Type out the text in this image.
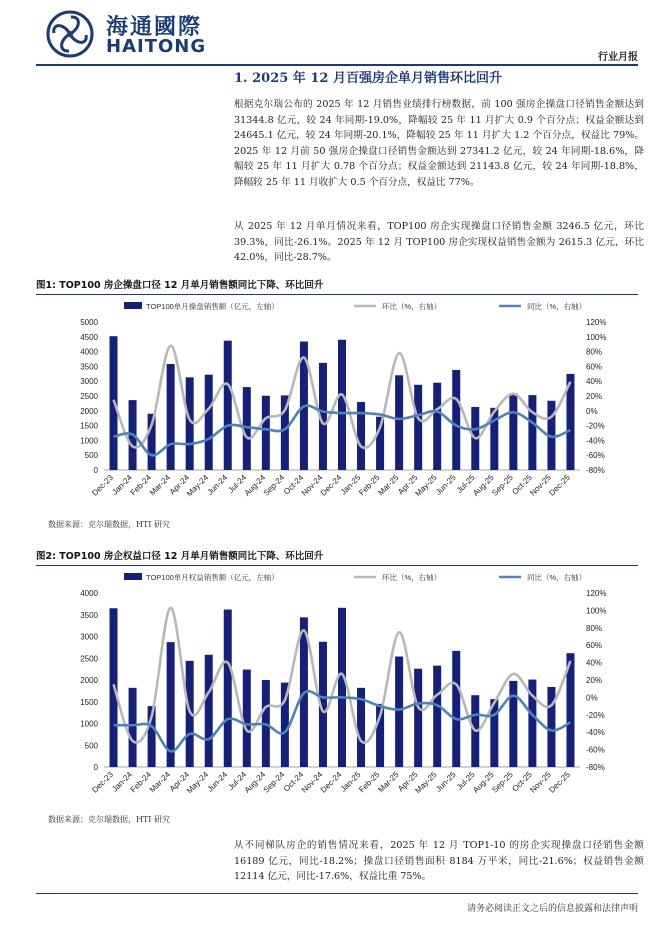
海通國際
HAITONG
行业月报
1. 2025 年 12 月百强房企单月销售环比回升

根据克尔瑞公布的 2025 年 12 月销售业绩排行榜数据，前 100 强房企操盘口径销售金额达到 31344.8 亿元，较 24 年同期-19.0%，降幅较 25 年 11 月扩大 0.9 个百分点；权益金额达到 24645.1 亿元，较 24 年同期-20.1%，降幅较 25 年 11 月扩大 1.2 个百分点，权益比 79%。2025 年 12 月前 50 强房企操盘口径销售金额达到 27341.2 亿元，较 24 年同期-18.6%，降幅较 25 年 11 月扩大 0.78 个百分点；权益金额达到 21143.8 亿元，较 24 年同期-18.8%，降幅较 25 年 11 月收扩大 0.5 个百分点，权益比 77%。

从 2025 年 12 月单月情况来看，TOP100 房企实现操盘口径销售金额 3246.5 亿元，环比 39.3%，同比-26.1%。2025 年 12 月 TOP100 房企实现权益销售金额为 2615.3 亿元，环比 42.0%，同比-28.7%。

图1: TOP100 房企操盘口径 12 月单月销售额同比下降、环比回升
TOP100单月操盘销售额（亿元，左轴）	环比（%，右轴）	同比（%，右轴）
0
500
1000
1500
2000
2500
3000
3500
4000
4500
5000
-80%
-60%
-40%
-20%
0%
20%
40%
60%
80%
100%
120%
Dec-23
Jan-24
Feb-24
Mar-24
Apr-24
May-24
Jun-24
Jul-24
Aug-24
Sep-24
Oct-24
Nov-24
Dec-24
Jan-25
Feb-25
Mar-25
Apr-25
May-25
Jun-25
Jul-25
Aug-25
Sep-25
Oct-25
Nov-25
Dec-25
数据来源：克尔瑞数据，HTI 研究
图2: TOP100 房企权益口径 12 月单月销售额同比下降、环比回升
TOP100单月权益销售额（亿元，左轴）	环比（%，右轴）	同比（%，右轴）
0
500
1000
1500
2000
2500
3000
3500
4000
-80%
-60%
-40%
-20%
0%
20%
40%
60%
80%
100%
120%
Dec-23
Jan-24
Feb-24
Mar-24
Apr-24
May-24
Jun-24
Jul-24
Aug-24
Sep-24
Oct-24
Nov-24
Dec-24
Jan-25
Feb-25
Mar-25
Apr-25
May-25
Jun-25
Jul-25
Aug-25
Sep-25
Oct-25
Nov-25
Dec-25
数据来源：克尔瑞数据，HTI 研究

从不同梯队房企的销售情况来看，2025 年 12 月 TOP1-10 的房企实现操盘口径销售金额 16189 亿元，同比-18.2%；操盘口径销售面积 8184 万平米，同比-21.6%；权益销售金额 12114 亿元，同比-17.6%，权益比重 75%。

请务必阅读正文之后的信息披露和法律声明
